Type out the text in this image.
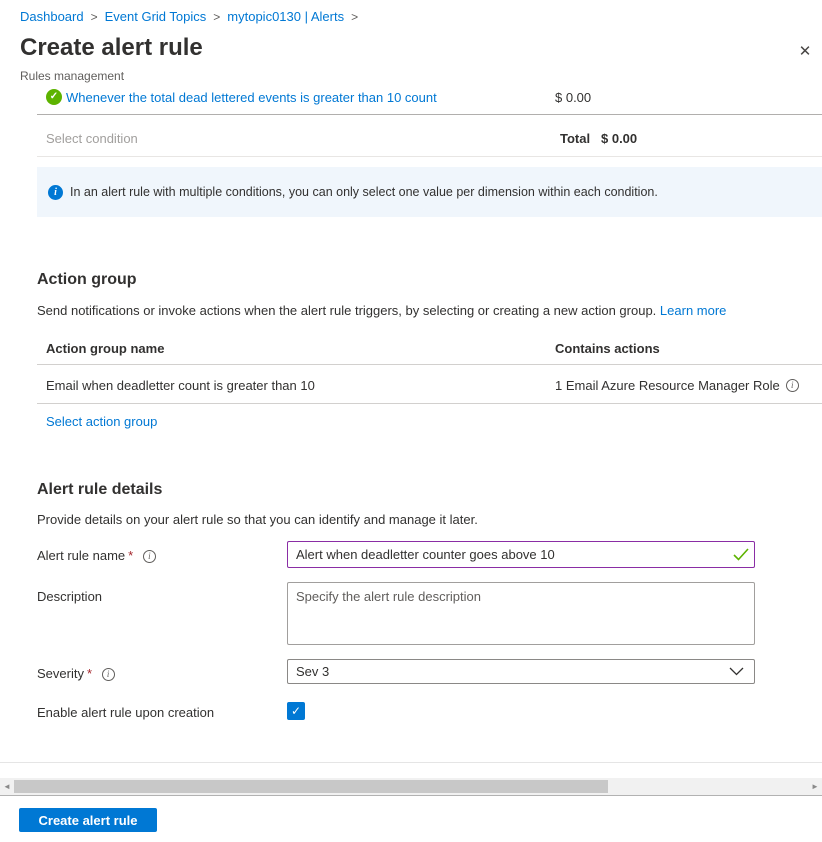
Dashboard > Event Grid Topics > mytopic0130 | Alerts >
Create alert rule	✕
Rules management
✓ Whenever the total dead lettered events is greater than 10 count	$ 0.00
Select condition	Total $ 0.00
i	In an alert rule with multiple conditions, you can only select one value per dimension within each condition.
Action group

Send notifications or invoke actions when the alert rule triggers, by selecting or creating a new action group. Learn more

Action group name	Contains actions
Email when deadletter count is greater than 10	1 Email Azure Resource Manager Role	i
Select action group
Alert rule details

Provide details on your alert rule so that you can identify and manage it later.

Alert rule name * i
Alert when deadletter counter goes above 10
Description
Specify the alert rule description
Severity * i	Sev 3
Enable alert rule upon creation	✓
◄	►
Create alert rule
